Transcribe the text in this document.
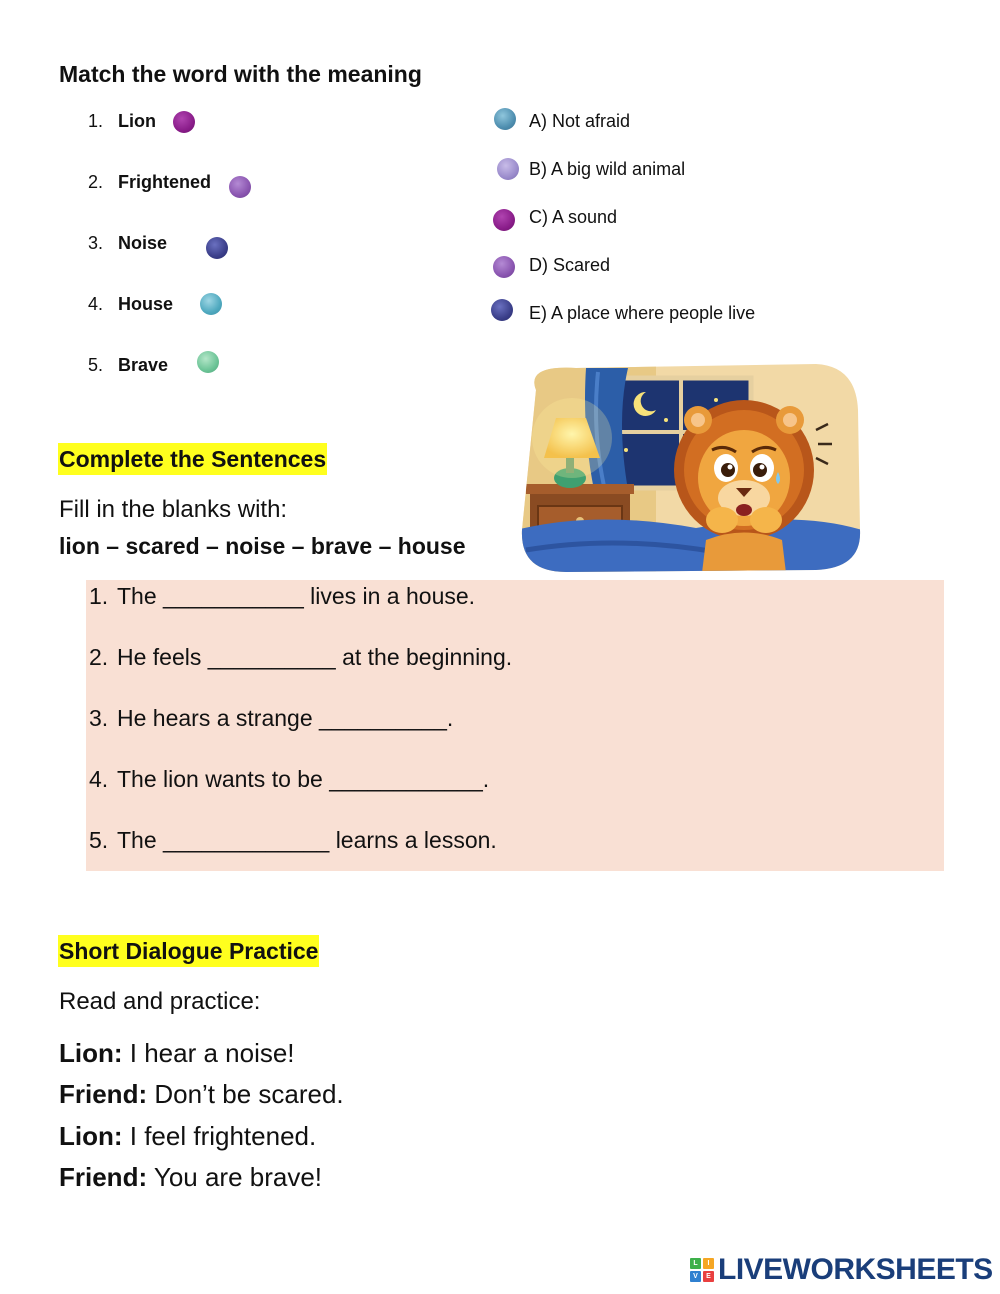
Match the word with the meaning
1. Lion
2. Frightened
3. Noise
4. House
5. Brave
A) Not afraid
B) A big wild animal
C) A sound
D) Scared
E) A place where people live
Complete the Sentences
Fill in the blanks with:
lion – scared – noise – brave – house
1. The ___________ lives in a house.
2. He feels __________ at the beginning.
3. He hears a strange __________.
4. The lion wants to be ____________.
5. The _____________ learns a lesson.
Short Dialogue Practice
Read and practice:
Lion: I hear a noise!
Friend: Don’t be scared.
Lion: I feel frightened.
Friend: You are brave!
L	I
V	E LIVEWORKSHEETS
